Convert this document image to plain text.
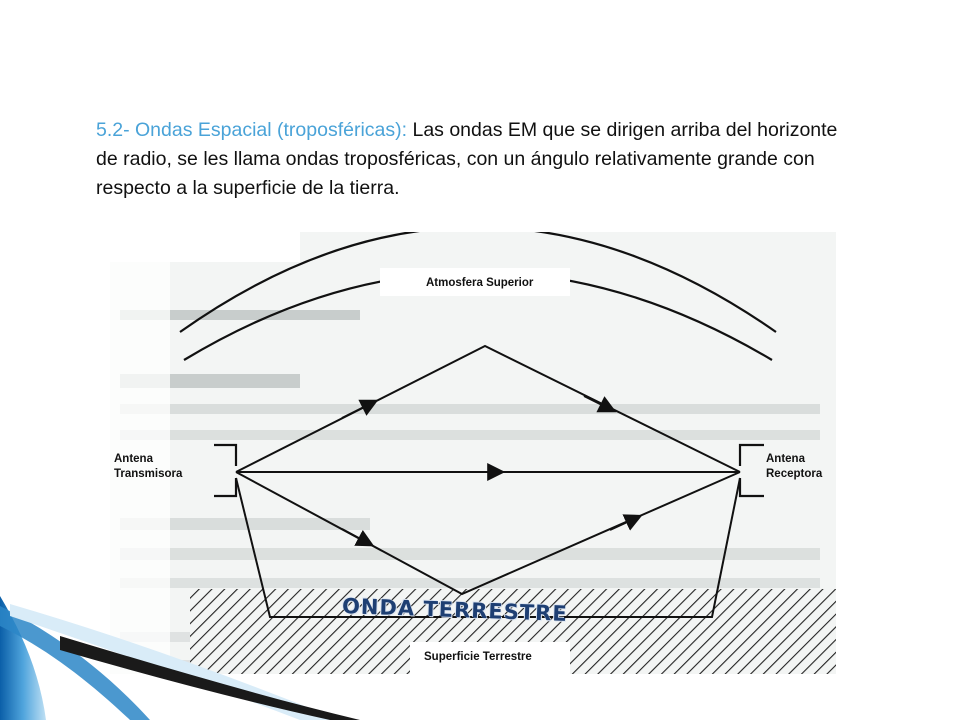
5.2- Ondas Espacial (troposféricas): Las ondas EM que se dirigen arriba del horizonte de radio, se les llama ondas troposféricas, con un ángulo relativamente grande con respecto a la superficie de la tierra.
Atmosfera Superior
Antena
Transmisora
Antena
Receptora
ONDA TERRESTRE
Superficie Terrestre
